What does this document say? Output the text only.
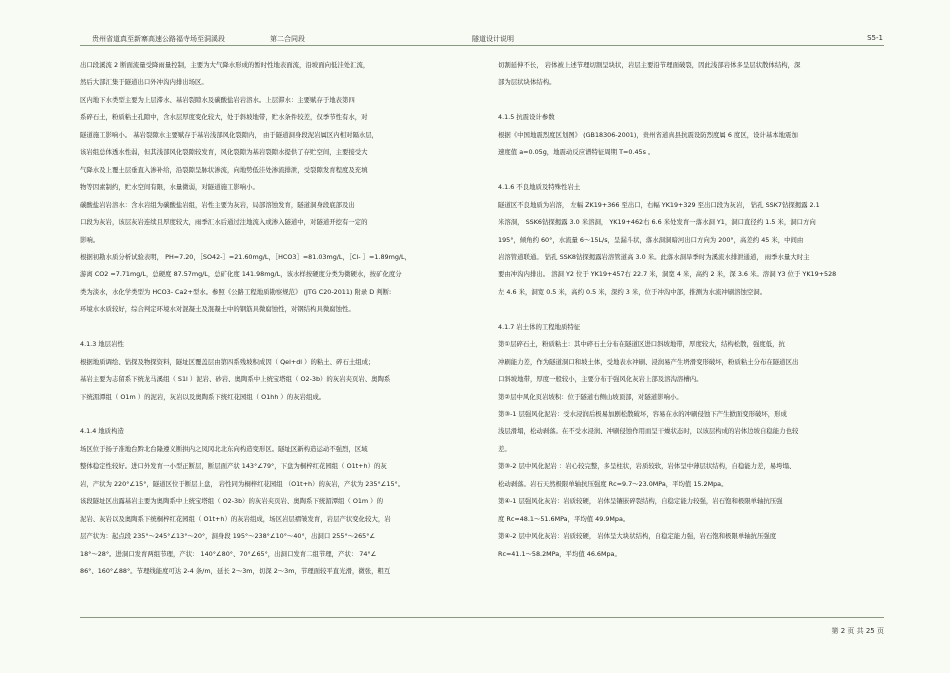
贵州省道真至新寨高速公路福寺场至洞溪段	第二合同段	隧道设计说明	S5-1

出口段溪流 2 断面流量受降雨量控制，主要为大气降水形成的暂时性地表面流，沿坡面向低洼处汇流，

然后大部汇集于隧道出口外冲沟内排出场区。

区内地下水类型主要为上层滞水、基岩裂隙水及碳酸盐岩岩溶水。上层滞水：主要赋存于地表第四

系碎石土，粉质粘土孔隙中，含水层厚度变化较大，处于斜坡地带，贮水条件较差，仅季节性有水，对

隧道施工影响小。 基岩裂隙水主要赋存于基岩浅部风化裂隙内， 由于隧道洞身段泥岩属区内相对隔水层，

该岩组总体透水性弱，但其浅部风化裂隙较发育，风化裂隙为基岩裂隙水提供了存贮空间，主要接受大

气降水及上覆土层垂直入渗补给，沿裂隙呈脉状渗流，向地势低洼处渗流排泄，受裂隙发育程度及充填

物等因素制约，贮水空间有限，水量微弱，对隧道施工影响小。

碳酸盐岩岩溶水：含水岩组为碳酸盐岩组，岩性主要为灰岩，局部溶蚀发育，隧道洞身段底部及出

口段为灰岩，该层灰岩连续且厚度较大，雨季汇水后通过注地流入或渗入隧道中，对隧道开挖有一定的

影响。

根据初勘水质分析试验表明， PH=7.20，［SO42-］=21.60mg/L，［HCO3］=81.03mg/L，［Cl- ］=1.89mg/L，

游离 CO2 =7.71mg/L，总硬度 87.57mg/L，总矿化度 141.98mg/L，该水样按硬度分类为微硬水，按矿化度分

类为淡水，水化学类型为 HCO3- Ca2+型水。参照《公路工程地质勘察规范》 (JTG C20-2011) 附录 D 判断:

环境水水质较好，综合判定环境水对混凝土及混凝土中的钢筋具微腐蚀性，对钢结构具微腐蚀性。

4.1.3 地层岩性

根据地质调绘、钻探及物探资料，隧址区覆盖层由第四系残坡积成因（ Qel+dl ）的粘土、碎石土组成；

基岩主要为志留系下统龙马溪组（ S1l ）泥岩、砂岩、奥陶系中上统宝塔组（ O2-3b）的灰岩夹页岩、奥陶系

下统湄潭组（ O1m ）的泥岩，灰岩以及奥陶系下统红花园组（ O1hh ）的灰岩组成。

4.1.4 地质构造

场区位于扬子准地台黔北台隆遵义断拱内之凤冈北北东向构造变形区。隧址区新构造运动不强烈，区域

整体稳定性较好。进口外发育一小型正断层，断层面产状 143°∠79°，下盘为桐梓红花园组（ O1t+h）的灰

岩，产状为 220°∠15°，隧道区位于断层上盘， 岩性同为桐梓红花园组 （O1t+h）的灰岩，产状为 235°∠15°。

该段隧址区出露基岩主要为奥陶系中上统宝塔组（ O2-3b）的灰岩夹页岩、奥陶系下统湄潭组（ O1m ）的

泥岩、灰岩以及奥陶系下统桐梓红花园组（ O1t+h）的灰岩组成，场区岩层褶皱发育，岩层产状变化较大，岩

层产状为：起点段 235°～245°∠13°～20°，洞身段 195°～238°∠10°～40°，出洞口 255°～265°∠

18°～28°。进洞口发育两组节理，产状： 140°∠80°、70°∠65°，出洞口发育二组节理，产状： 74°∠

86°、160°∠88°。节理线能度可达 2-4 条/m，延长 2～3m，切深 2～3m，节理面较平直光滑，微张，粗互

切割延伸不长， 岩体被上述节理切割呈块状，岩层主要沿节理面破裂，因此浅部岩体多呈层状散体结构，深

部为层状块体结构。

4.1.5 抗震设计参数

根据《中国地震烈度区划图》 (GB18306-2001)，贵州省道真县抗震设防烈度属 6 度区，设计基本地震加

速度值 a=0.05g，地震动反应谱特征周期 T=0.45s 。

4.1.6 不良地质及特殊性岩土

隧道区不良地质为岩溶， 左幅 ZK19+366 至出口，右幅 YK19+329 至出口段为灰岩， 钻孔 SSK7钻探揭露 2.1

米溶洞， SSK6钻探揭露 3.0 米溶洞， YK19+462右 6.6 米处发育一落水洞 Y1，洞口直径约 1.5 米，洞口方向

195°，倾角约 60°，水流量 6～15L/s，呈漏斗状，落水洞洞暗河出口方向为 200°，高差约 45 米，中间由

岩溶管道联通。 钻孔 SSK8钻探揭露岩溶管道高 3.0 米。此落水洞旱季时为溪流水排泄通道， 雨季水量大时主

要由冲沟内排出。 溶洞 Y2 位于 YK19+457右 22.7 米，洞宽 4 米，高约 2 米，深 3.6 米。溶洞 Y3 位于 YK19+528

左 4.6 米，洞宽 0.5 米，高约 0.5 米，深约 3 米，位于冲沟中部，推测为水流冲刷溶蚀空洞。

4.1.7 岩土体的工程地质特征

第①层碎石土，粉质粘土：其中碎石土分布在隧道区进口斜坡地带，厚度较大，结构松散，强度低，抗

冲刷能力差，作为隧道洞口和坡土体，受地表水冲刷、浸润易产生坍滑变形破坏，粉质粘土分布在隧道区出

口斜坡地带，厚度一般较小，主要分布于强风化灰岩上部及溶沟溶槽内。

第②层中风化页岩坡积：位于隧道右侧山坡顶部，对隧道影响小。

第③-1 层强风化泥岩：受水浸润后极易加剧松散破坏，容易在水的冲刷侵蚀下产生掀面变形破坏，形成

浅层滑塌，松动剥落。在不受水浸润、冲刷侵蚀作用而呈干燥状态时，以该层构成的岩体边坡自稳能力也较

差。

第③-2 层中风化泥岩 ：岩心较完整，多呈柱状，岩质较软，岩体呈中薄层状结构，自稳能力差，易垮塌、

松动剥落。岩石天然极限单轴抗压强度 Rc=9.7～23.0MPa，平均值 15.2Mpa。

第④-1 层强风化灰岩：岩质较硬， 岩体呈镶嵌碎裂结构，自稳定能力较强，岩石饱和极限单轴抗压强

度 Rc=48.1～51.6MPa，平均值 49.9Mpa。

第④-2 层中风化灰岩：岩质较硬， 岩体呈大块状结构，自稳定能力强，岩石饱和极限单轴抗压强度

Rc=41.1～58.2MPa，平均值 46.6Mpa。

第 2 页 共 25 页
